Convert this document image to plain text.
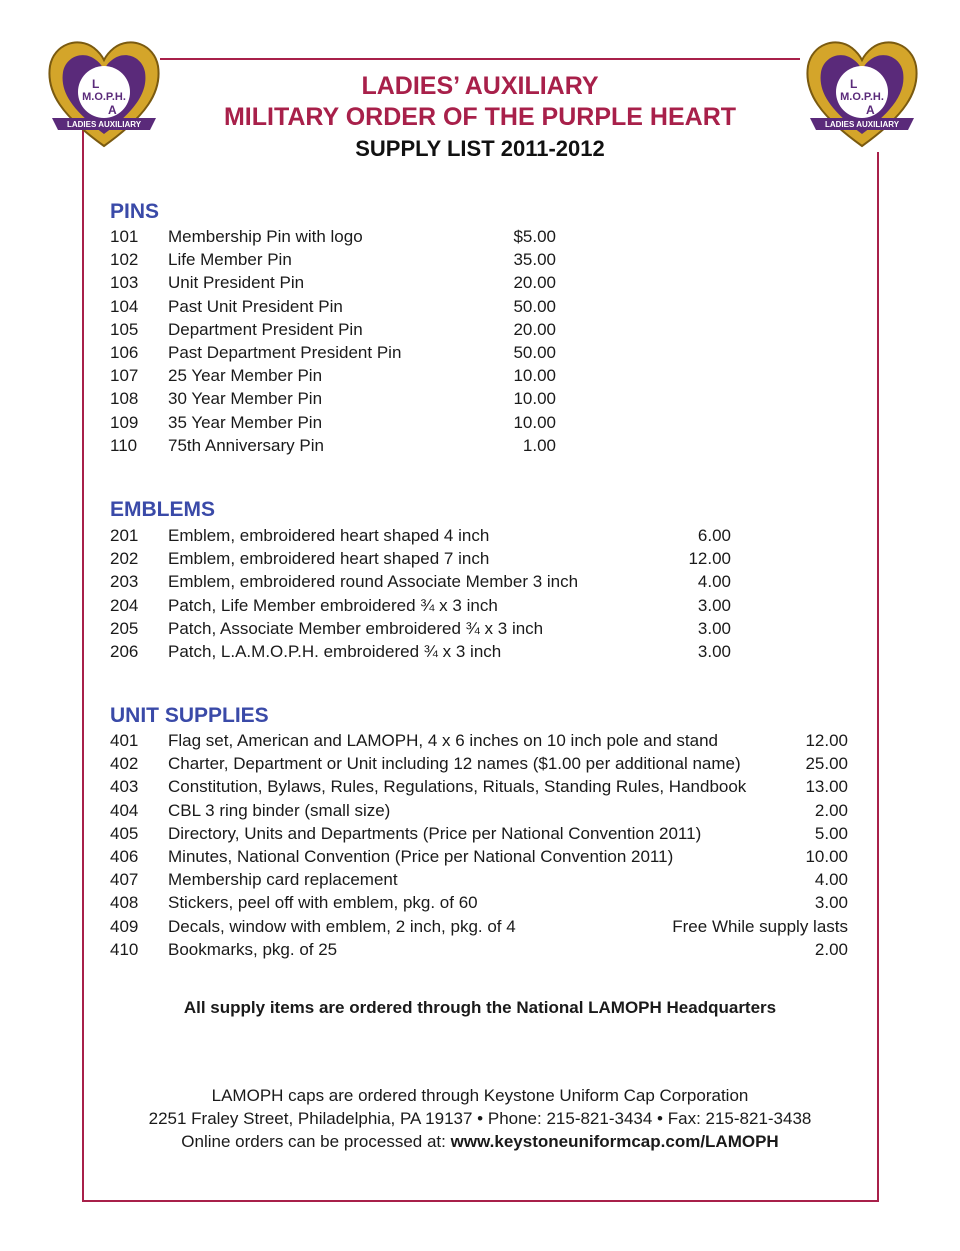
L
M.O.P.H.
A
LADIES AUXILIARY
L
M.O.P.H.
A
LADIES AUXILIARY
LADIES’ AUXILIARY
MILITARY ORDER OF THE PURPLE HEART
SUPPLY LIST 2011-2012
PINS
101 Membership Pin with logo	$5.00
102 Life Member Pin	35.00
103 Unit President Pin	20.00
104 Past Unit President Pin	50.00
105 Department President Pin	20.00
106 Past Department President Pin	50.00
107 25 Year Member Pin	10.00
108 30 Year Member Pin	10.00
109 35 Year Member Pin	10.00
110 75th Anniversary Pin	1.00
EMBLEMS
201 Emblem, embroidered heart shaped 4 inch	6.00
202 Emblem, embroidered heart shaped 7 inch	12.00
203 Emblem, embroidered round Associate Member 3 inch	4.00
204 Patch, Life Member embroidered ¾ x 3 inch	3.00
205 Patch, Associate Member embroidered ¾ x 3 inch	3.00
206 Patch, L.A.M.O.P.H. embroidered ¾ x 3 inch	3.00
UNIT SUPPLIES
401 Flag set, American and LAMOPH, 4 x 6 inches on 10 inch pole and stand	12.00
402 Charter, Department or Unit including 12 names ($1.00 per additional name)	25.00
403 Constitution, Bylaws, Rules, Regulations, Rituals, Standing Rules, Handbook	13.00
404 CBL 3 ring binder (small size)	2.00
405 Directory, Units and Departments (Price per National Convention 2011)	5.00
406 Minutes, National Convention (Price per National Convention 2011)	10.00
407 Membership card replacement	4.00
408 Stickers, peel off with emblem, pkg. of 60	3.00
409 Decals, window with emblem, 2 inch, pkg. of 4	Free While supply lasts
410 Bookmarks, pkg. of 25	2.00
All supply items are ordered through the National LAMOPH Headquarters
LAMOPH caps are ordered through Keystone Uniform Cap Corporation
2251 Fraley Street, Philadelphia, PA 19137 • Phone: 215-821-3434 • Fax: 215-821-3438
Online orders can be processed at: www.keystoneuniformcap.com/LAMOPH
